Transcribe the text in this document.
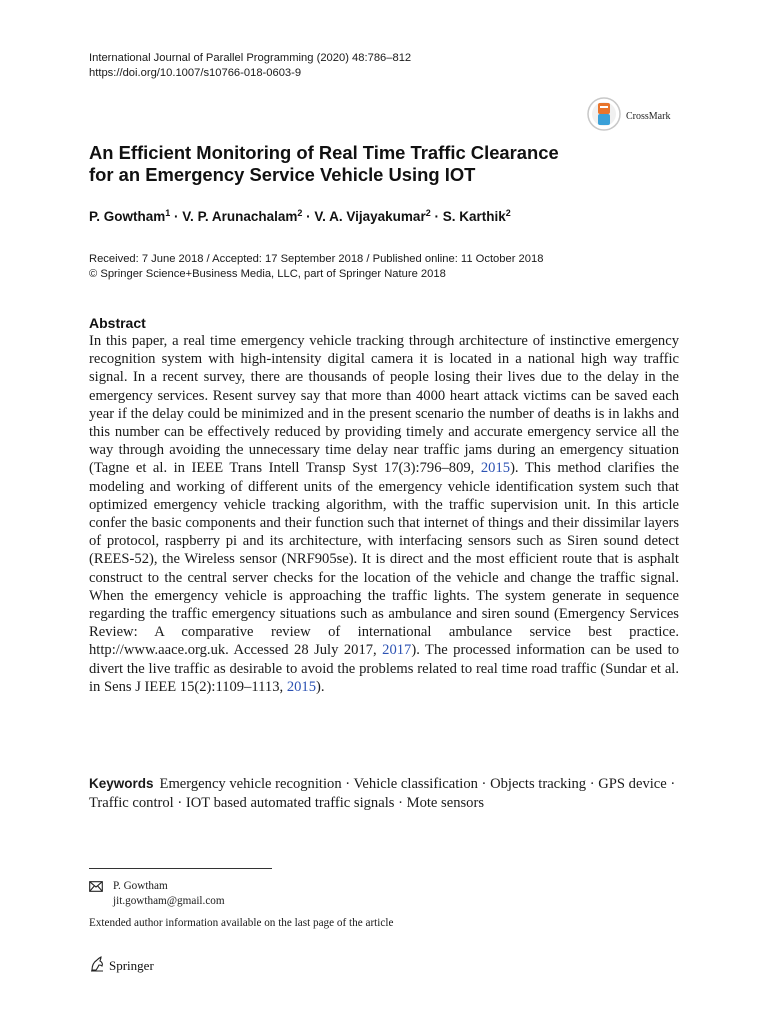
International Journal of Parallel Programming (2020) 48:786–812
https://doi.org/10.1007/s10766-018-0603-9
CrossMark
An Efficient Monitoring of Real Time Traffic Clearance
for an Emergency Service Vehicle Using IOT
P. Gowtham$^1$ · V. P. Arunachalam$^2$ · V. A. Vijayakumar$^2$ · S. Karthik$^2$
Received: 7 June 2018 / Accepted: 17 September 2018 / Published online: 11 October 2018
© Springer Science+Business Media, LLC, part of Springer Nature 2018
Abstract
In this paper, a real time emergency vehicle tracking through architecture of instinctive emergency recognition system with high-intensity digital camera it is located in a national high way traffic signal. In a recent survey, there are thousands of people losing their lives due to the delay in the emergency services. Resent survey say that more than 4000 heart attack victims can be saved each year if the delay could be minimized and in the present scenario the number of deaths is in lakhs and this number can be effectively reduced by providing timely and accurate emergency service all the way through avoiding the unnecessary time delay near traffic jams during an emergency situation (Tagne et al. in IEEE Trans Intell Transp Syst 17(3):796–809, 2015). This method clarifies the modeling and working of different units of the emergency vehicle identification system such that optimized emergency vehicle tracking algorithm, with the traffic supervision unit. In this article confer the basic components and their function such that internet of things and their dissimilar layers of protocol, raspberry pi and its architecture, with interfacing sensors such as Siren sound detect (REES-52), the Wireless sensor (NRF905se). It is direct and the most efficient route that is asphalt construct to the central server checks for the location of the vehicle and change the traffic signal. When the emergency vehicle is approaching the traffic lights. The system generate in sequence regarding the traffic emergency situations such as ambulance and siren sound (Emergency Services Review: A comparative review of international ambulance service best practice. http://www.aace.org.uk. Accessed 28 July 2017, 2017). The processed information can be used to divert the live traffic as desirable to avoid the problems related to real time road traffic (Sundar et al. in Sens J IEEE 15(2):1109–1113, 2015).
Keywords Emergency vehicle recognition · Vehicle classification · Objects tracking · GPS device · Traffic control · IOT based automated traffic signals · Mote sensors
P. Gowtham
jit.gowtham@gmail.com
Extended author information available on the last page of the article
Springer
